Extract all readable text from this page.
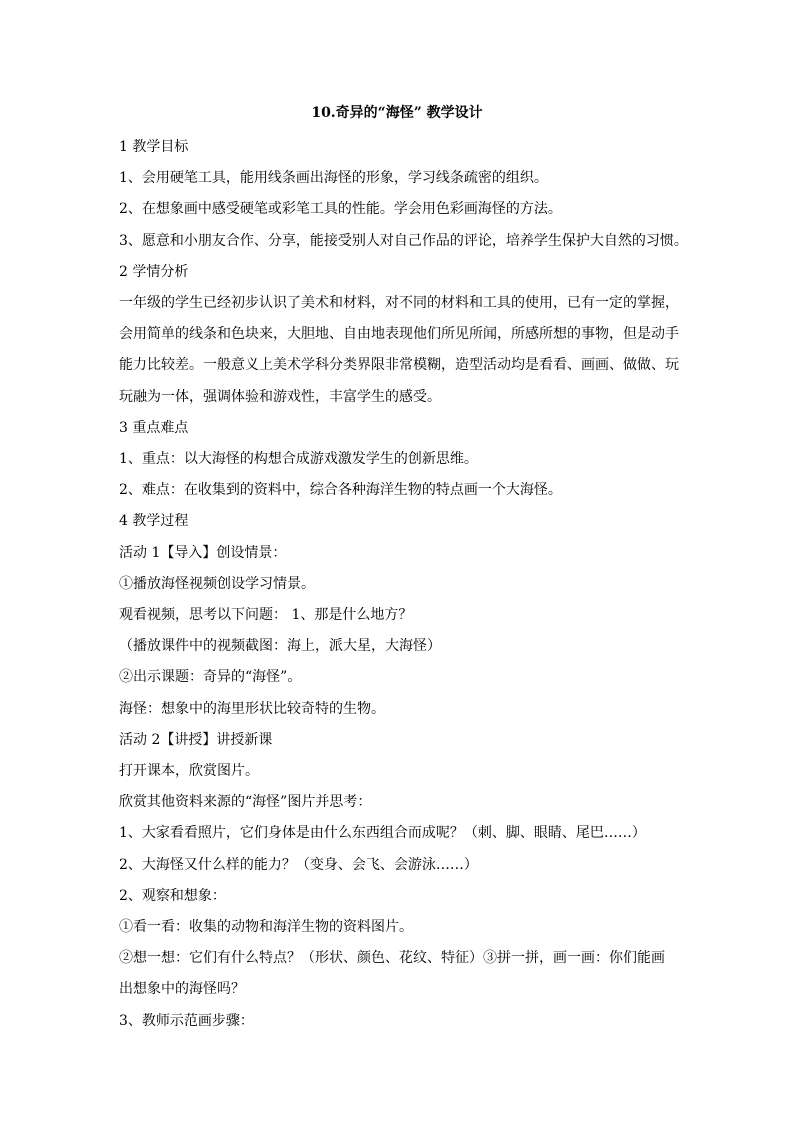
10.奇异的“海怪” 教学设计
1 教学目标
1、会用硬笔工具，能用线条画出海怪的形象，学习线条疏密的组织。
2、在想象画中感受硬笔或彩笔工具的性能。学会用色彩画海怪的方法。
3、愿意和小朋友合作、分享，能接受别人对自己作品的评论，培养学生保护大自然的习惯。
2 学情分析
一年级的学生已经初步认识了美术和材料，对不同的材料和工具的使用，已有一定的掌握，
会用简单的线条和色块来，大胆地、自由地表现他们所见所闻，所感所想的事物，但是动手
能力比较差。一般意义上美术学科分类界限非常模糊，造型活动均是看看、画画、做做、玩
玩融为一体，强调体验和游戏性，丰富学生的感受。
3 重点难点
1、重点：以大海怪的构想合成游戏激发学生的创新思维。
2、难点：在收集到的资料中，综合各种海洋生物的特点画一个大海怪。
4 教学过程
活动 1【导入】创设情景：
①播放海怪视频创设学习情景。
观看视频，思考以下问题： 1、那是什么地方？
（播放课件中的视频截图：海上，派大星，大海怪）
②出示课题：奇异的“海怪”。
海怪：想象中的海里形状比较奇特的生物。
活动 2【讲授】讲授新课
打开课本，欣赏图片。
欣赏其他资料来源的“海怪”图片并思考：
1、大家看看照片，它们身体是由什么东西组合而成呢？（刺、脚、眼睛、尾巴……）
2、大海怪又什么样的能力？（变身、会飞、会游泳……）
2、观察和想象：
①看一看：收集的动物和海洋生物的资料图片。
②想一想：它们有什么特点？（形状、颜色、花纹、特征）③拼一拼，画一画：你们能画
出想象中的海怪吗？
3、教师示范画步骤：
